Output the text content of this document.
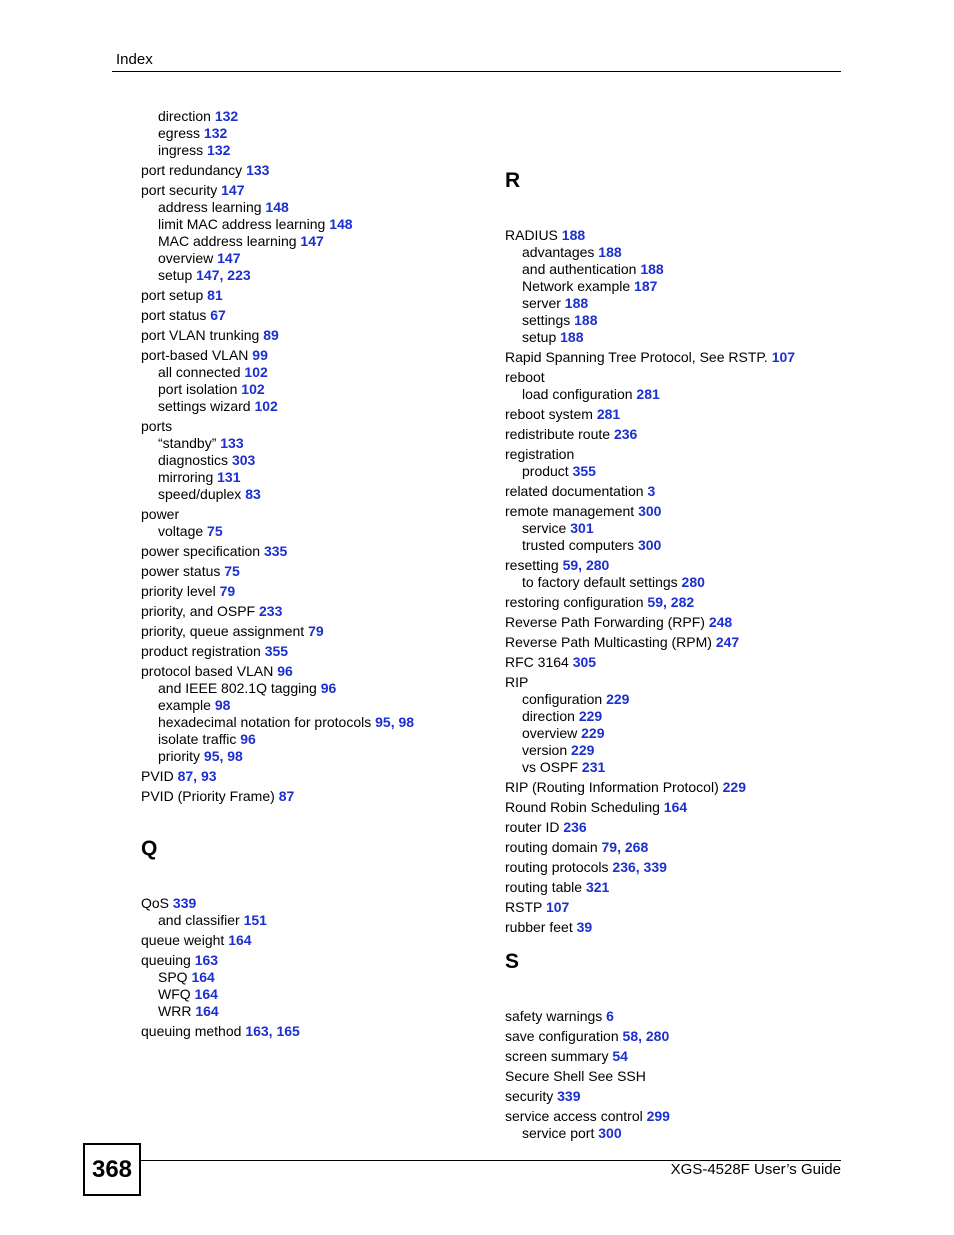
Index
direction 132
egress 132
ingress 132
port redundancy 133
port security 147
address learning 148
limit MAC address learning 148
MAC address learning 147
overview 147
setup 147, 223
port setup 81
port status 67
port VLAN trunking 89
port-based VLAN 99
all connected 102
port isolation 102
settings wizard 102
ports
“standby” 133
diagnostics 303
mirroring 131
speed/duplex 83
power
voltage 75
power specification 335
power status 75
priority level 79
priority, and OSPF 233
priority, queue assignment 79
product registration 355
protocol based VLAN 96
and IEEE 802.1Q tagging 96
example 98
hexadecimal notation for protocols 95, 98
isolate traffic 96
priority 95, 98
PVID 87, 93
PVID (Priority Frame) 87
Q
QoS 339
and classifier 151
queue weight 164
queuing 163
SPQ 164
WFQ 164
WRR 164
queuing method 163, 165
R
RADIUS 188
advantages 188
and authentication 188
Network example 187
server 188
settings 188
setup 188
Rapid Spanning Tree Protocol, See RSTP. 107
reboot
load configuration 281
reboot system 281
redistribute route 236
registration
product 355
related documentation 3
remote management 300
service 301
trusted computers 300
resetting 59, 280
to factory default settings 280
restoring configuration 59, 282
Reverse Path Forwarding (RPF) 248
Reverse Path Multicasting (RPM) 247
RFC 3164 305
RIP
configuration 229
direction 229
overview 229
version 229
vs OSPF 231
RIP (Routing Information Protocol) 229
Round Robin Scheduling 164
router ID 236
routing domain 79, 268
routing protocols 236, 339
routing table 321
RSTP 107
rubber feet 39
S
safety warnings 6
save configuration 58, 280
screen summary 54
Secure Shell See SSH
security 339
service access control 299
service port 300
368	XGS-4528F User’s Guide
